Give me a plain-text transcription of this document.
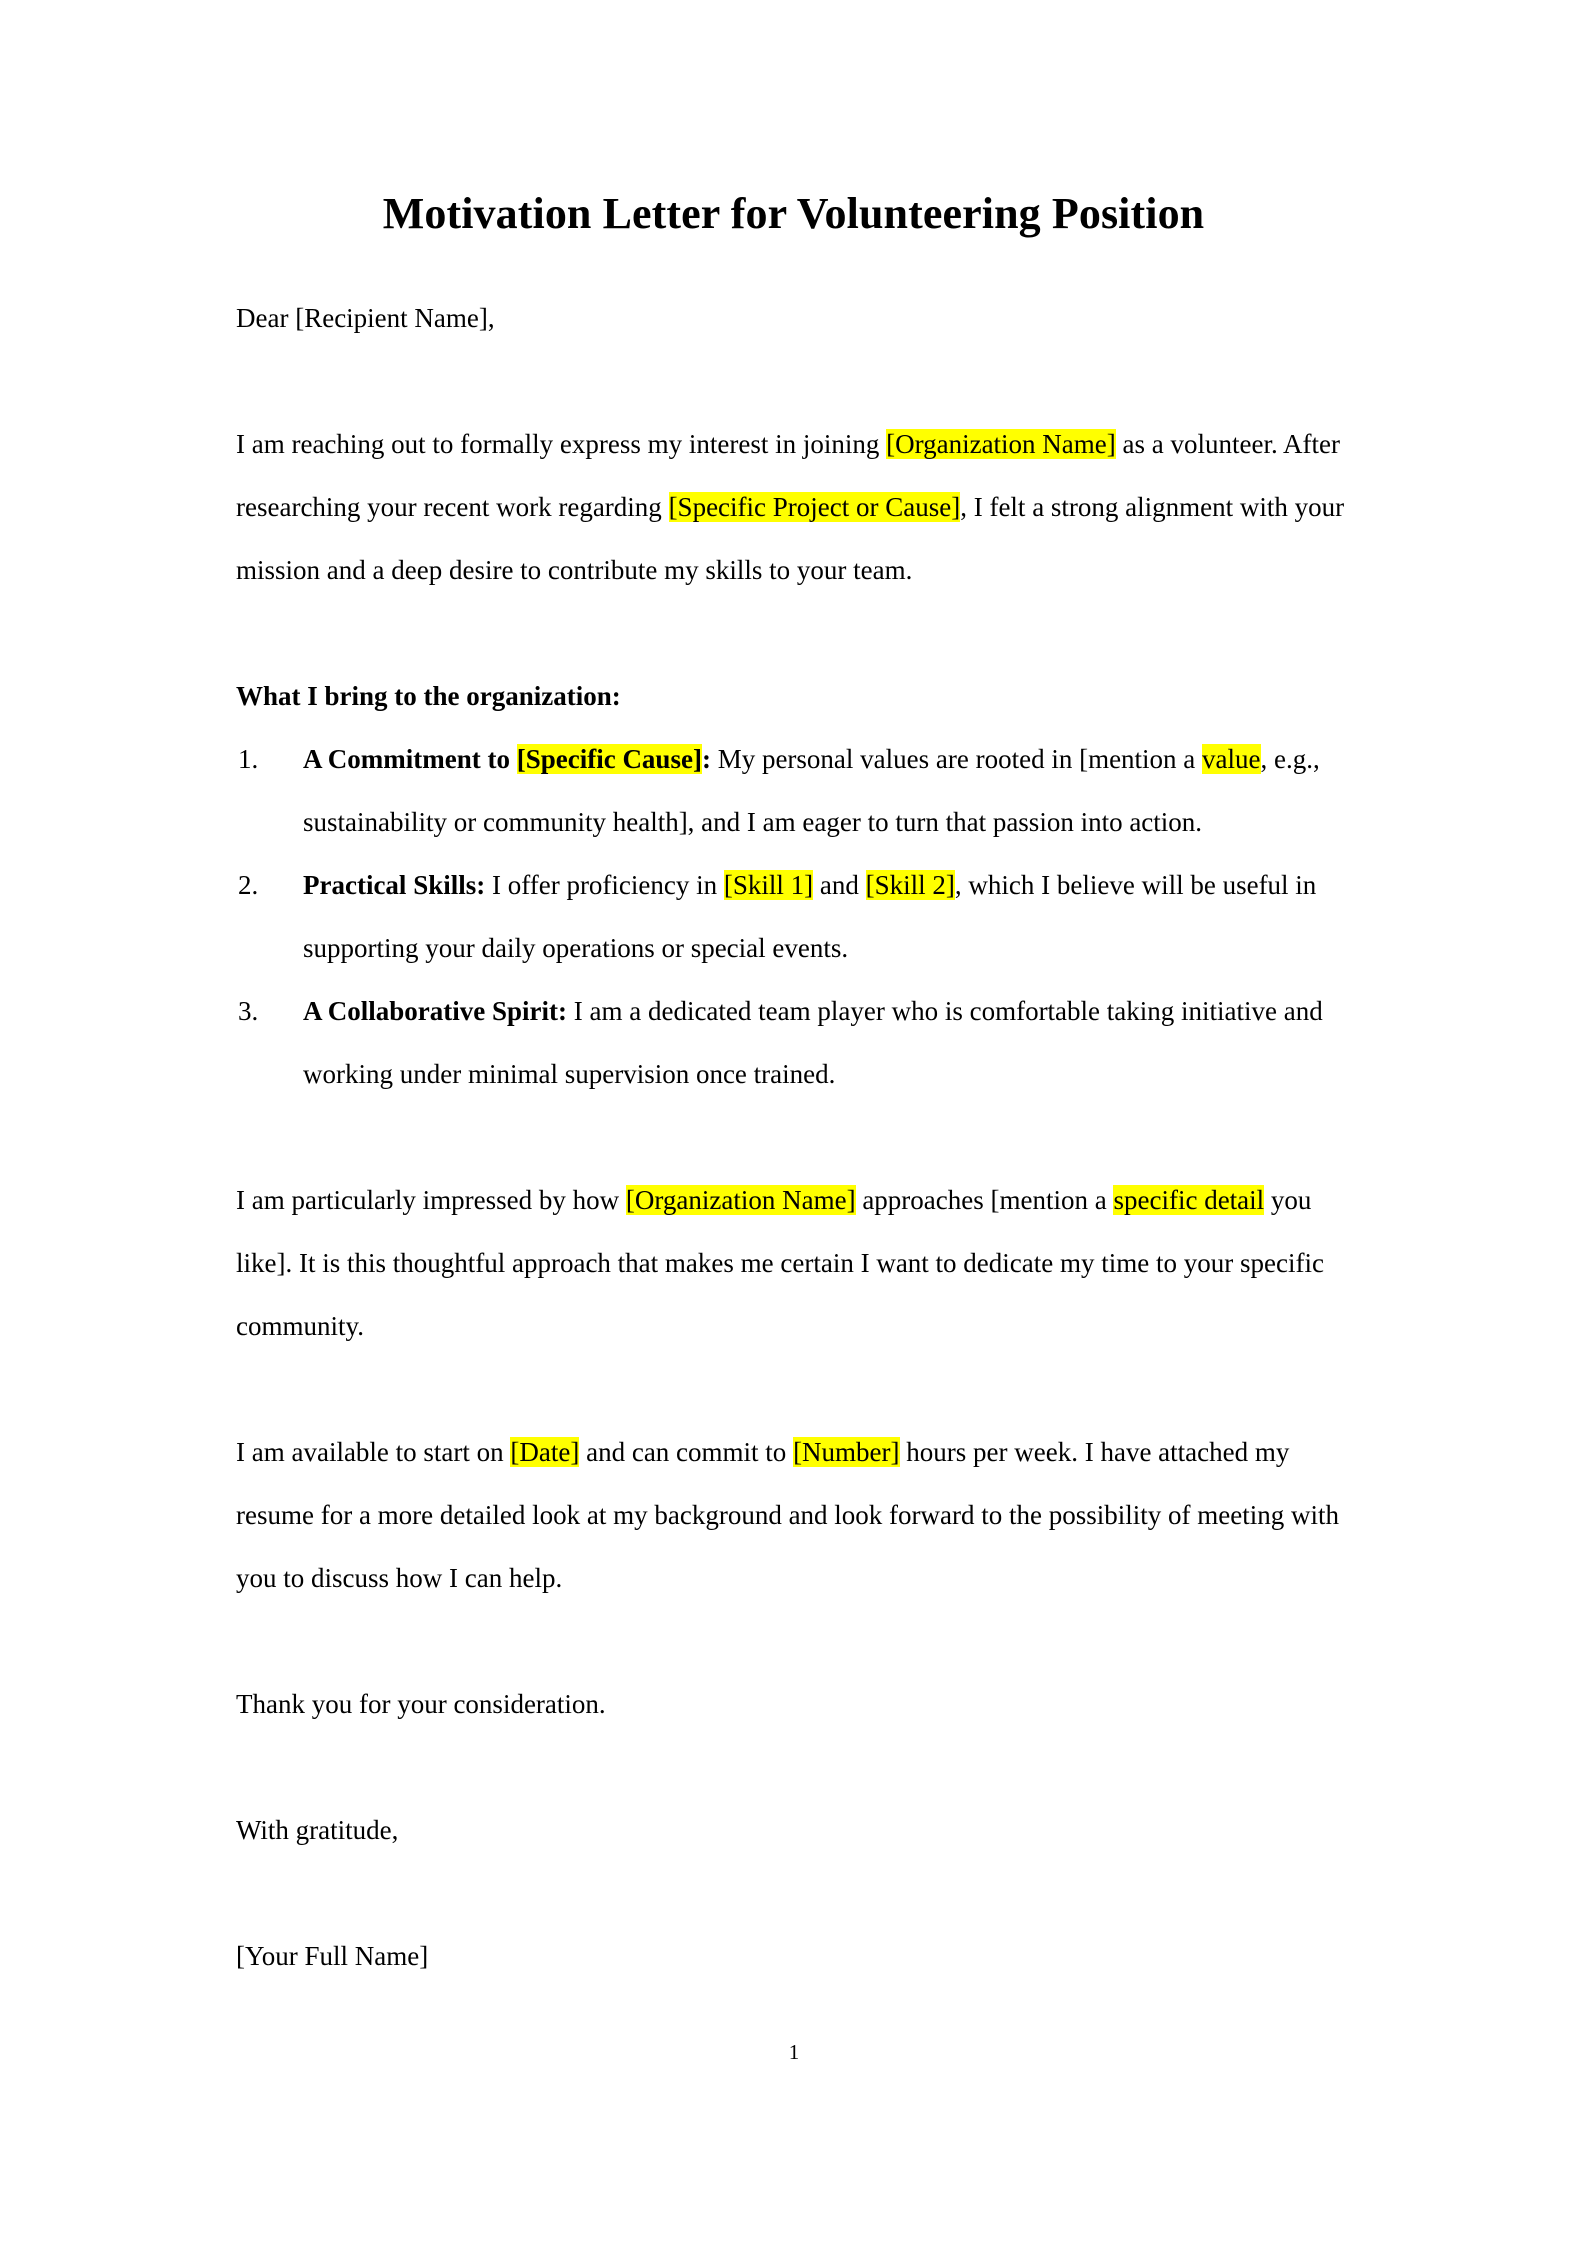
Motivation Letter for Volunteering Position

Dear [Recipient Name],

I am reaching out to formally express my interest in joining [Organization Name] as a volunteer. After researching your recent work regarding [Specific Project or Cause], I felt a strong alignment with your mission and a deep desire to contribute my skills to your team.

What I bring to the organization:

1.	A Commitment to [Specific Cause]: My personal values are rooted in [mention a value, e.g., sustainability or community health], and I am eager to turn that passion into action.
2.	Practical Skills: I offer proficiency in [Skill 1] and [Skill 2], which I believe will be useful in supporting your daily operations or special events.
3.	A Collaborative Spirit: I am a dedicated team player who is comfortable taking initiative and working under minimal supervision once trained.

I am particularly impressed by how [Organization Name] approaches [mention a specific detail you like]. It is this thoughtful approach that makes me certain I want to dedicate my time to your specific community.

I am available to start on [Date] and can commit to [Number] hours per week. I have attached my resume for a more detailed look at my background and look forward to the possibility of meeting with you to discuss how I can help.

Thank you for your consideration.

With gratitude,

[Your Full Name]

1
